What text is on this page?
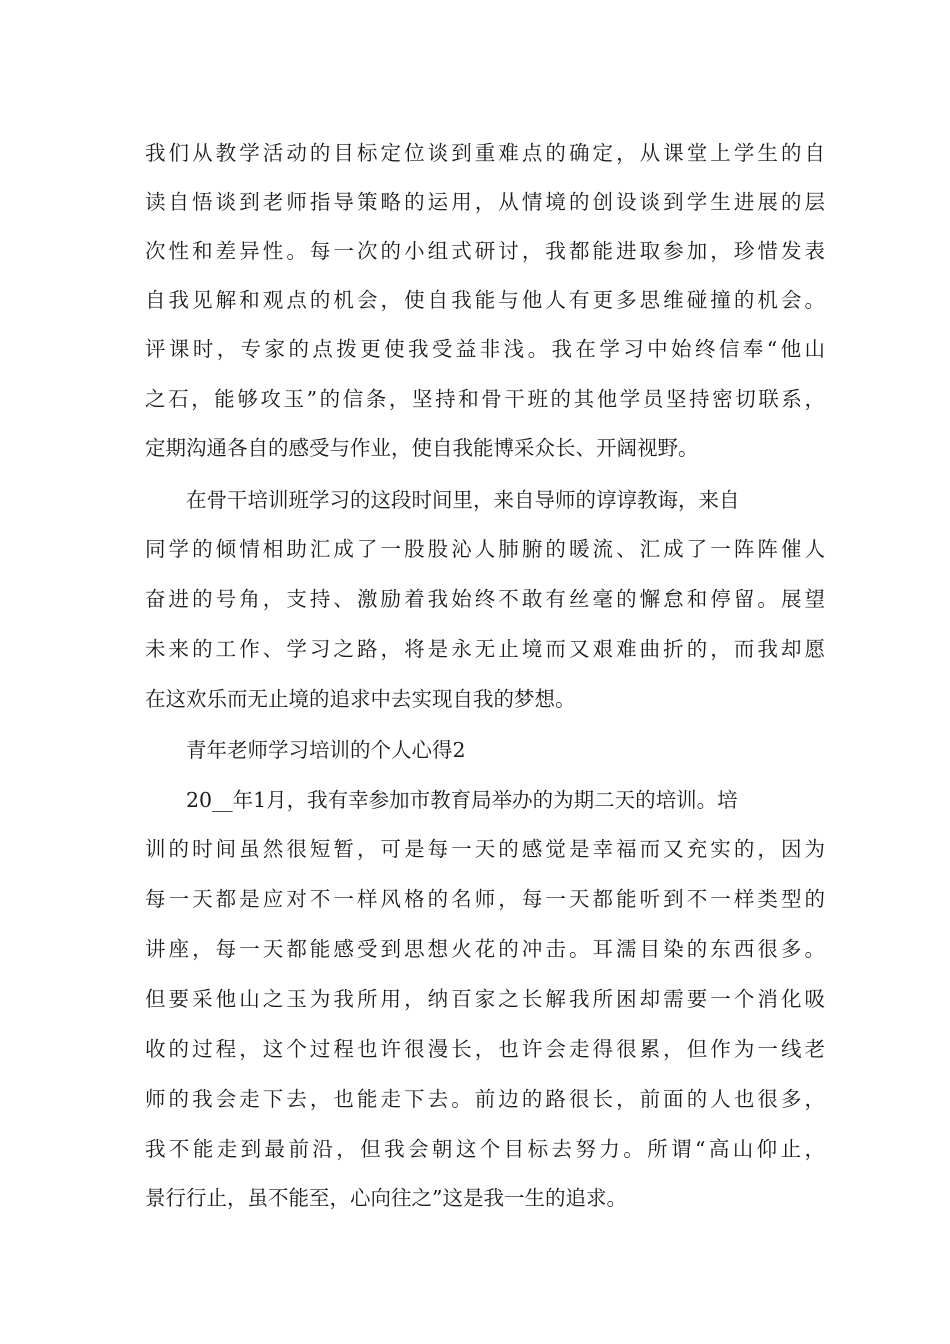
我们从教学活动的目标定位谈到重难点的确定，从课堂上学生的自
读自悟谈到老师指导策略的运用，从情境的创设谈到学生进展的层
次性和差异性。每一次的小组式研讨，我都能进取参加，珍惜发表
自我见解和观点的机会，使自我能与他人有更多思维碰撞的机会。
评课时，专家的点拨更使我受益非浅。我在学习中始终信奉“他山
之石，能够攻玉”的信条，坚持和骨干班的其他学员坚持密切联系，
定期沟通各自的感受与作业，使自我能博采众长、开阔视野。
在骨干培训班学习的这段时间里，来自导师的谆谆教诲，来自
同学的倾情相助汇成了一股股沁人肺腑的暖流、汇成了一阵阵催人
奋进的号角，支持、激励着我始终不敢有丝毫的懈怠和停留。展望
未来的工作、学习之路，将是永无止境而又艰难曲折的，而我却愿
在这欢乐而无止境的追求中去实现自我的梦想。
青年老师学习培训的个人心得2
20__年1月，我有幸参加市教育局举办的为期二天的培训。培
训的时间虽然很短暂，可是每一天的感觉是幸福而又充实的，因为
每一天都是应对不一样风格的名师，每一天都能听到不一样类型的
讲座，每一天都能感受到思想火花的冲击。耳濡目染的东西很多。
但要采他山之玉为我所用，纳百家之长解我所困却需要一个消化吸
收的过程，这个过程也许很漫长，也许会走得很累，但作为一线老
师的我会走下去，也能走下去。前边的路很长，前面的人也很多，
我不能走到最前沿，但我会朝这个目标去努力。所谓“高山仰止，
景行行止，虽不能至，心向往之”这是我一生的追求。
